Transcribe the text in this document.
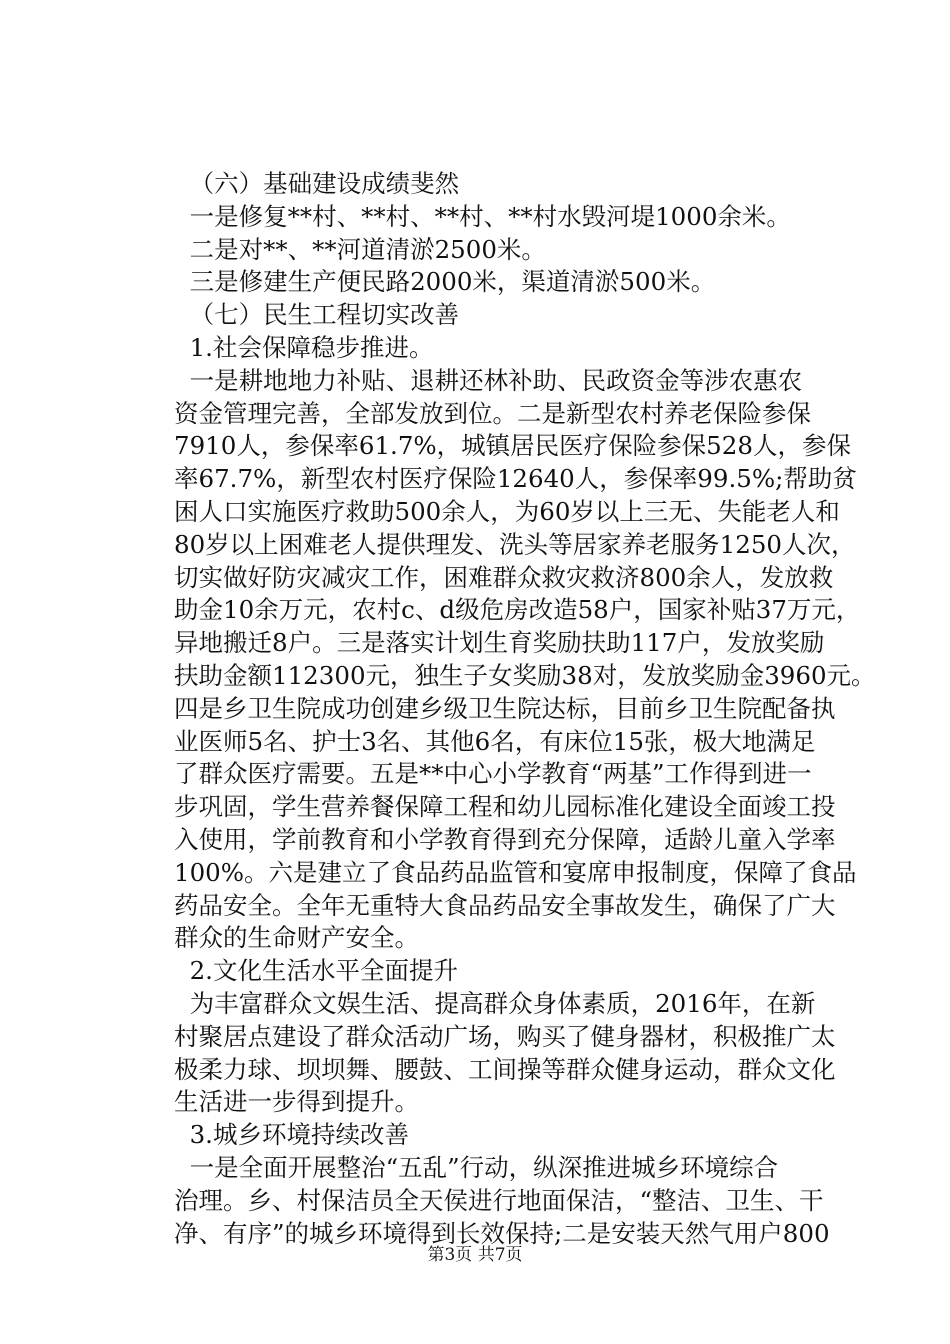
（六）基础建设成绩斐然
一是修复**村、**村、**村、**村水毁河堤1000余米。
二是对**、**河道清淤2500米。
三是修建生产便民路2000米，渠道清淤500米。
（七）民生工程切实改善
1.社会保障稳步推进。
一是耕地地力补贴、退耕还林补助、民政资金等涉农惠农
资金管理完善，全部发放到位。二是新型农村养老保险参保
7910人，参保率61.7%，城镇居民医疗保险参保528人，参保
率67.7%，新型农村医疗保险12640人，参保率99.5%;帮助贫
困人口实施医疗救助500余人，为60岁以上三无、失能老人和
80岁以上困难老人提供理发、洗头等居家养老服务1250人次，
切实做好防灾减灾工作，困难群众救灾救济800余人，发放救
助金10余万元，农村c、d级危房改造58户，国家补贴37万元，
异地搬迁8户。三是落实计划生育奖励扶助117户，发放奖励
扶助金额112300元，独生子女奖励38对，发放奖励金3960元。
四是乡卫生院成功创建乡级卫生院达标，目前乡卫生院配备执
业医师5名、护士3名、其他6名，有床位15张，极大地满足
了群众医疗需要。五是**中心小学教育“两基”工作得到进一
步巩固，学生营养餐保障工程和幼儿园标准化建设全面竣工投
入使用，学前教育和小学教育得到充分保障，适龄儿童入学率
100%。六是建立了食品药品监管和宴席申报制度，保障了食品
药品安全。全年无重特大食品药品安全事故发生，确保了广大
群众的生命财产安全。
2.文化生活水平全面提升
为丰富群众文娱生活、提高群众身体素质，2016年，在新
村聚居点建设了群众活动广场，购买了健身器材，积极推广太
极柔力球、坝坝舞、腰鼓、工间操等群众健身运动，群众文化
生活进一步得到提升。
3.城乡环境持续改善
一是全面开展整治“五乱”行动，纵深推进城乡环境综合
治理。乡、村保洁员全天侯进行地面保洁，“整洁、卫生、干
净、有序”的城乡环境得到长效保持;二是安装天然气用户800
第3页 共7页
